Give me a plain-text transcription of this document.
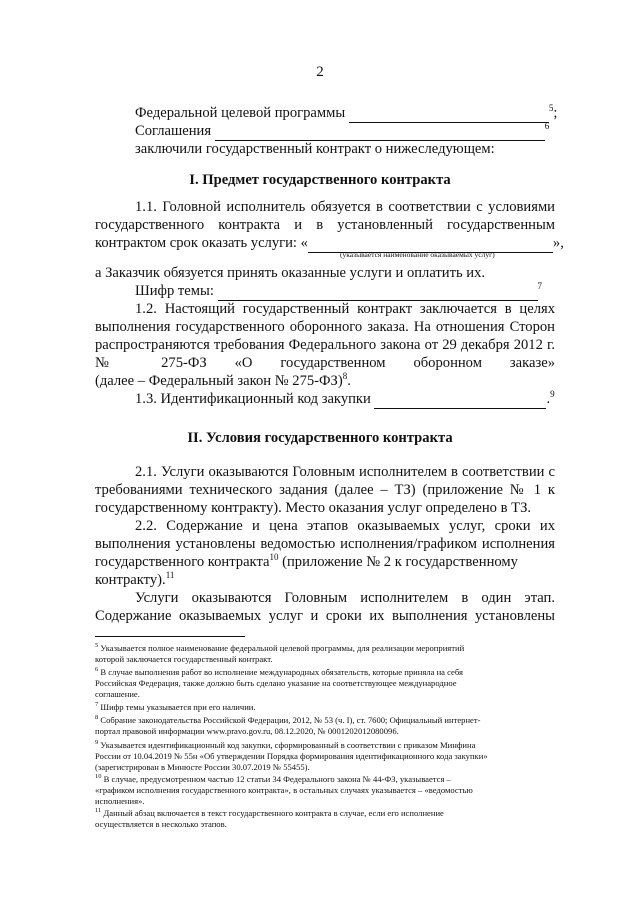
2
Федеральной целевой программы	$^5$;
Соглашения	$^6$
заключили государственный контракт о нижеследующем:
I. Предмет государственного контракта
1.1. Головной исполнитель обязуется в соответствии с условиями
государственного контракта и в установленный государственным
контрактом срок оказать услуги: «	»,
(указывается наименование оказываемых услуг)
а Заказчик обязуется принять оказанные услуги и оплатить их.
Шифр темы:	$^7$
1.2. Настоящий государственный контракт заключается в целях
выполнения государственного оборонного заказа. На отношения Сторон
распространяются требования Федерального закона от 29 декабря 2012 г.
№ 275-ФЗ «О государственном оборонном заказе»
(далее – Федеральный закон № 275-ФЗ)$^8$.
1.3. Идентификационный код закупки	.$^9$
II. Условия государственного контракта
2.1. Услуги оказываются Головным исполнителем в соответствии с
требованиями технического задания (далее – ТЗ) (приложение № 1 к
государственному контракту). Место оказания услуг определено в ТЗ.
2.2. Содержание и цена этапов оказываемых услуг, сроки их
выполнения установлены ведомостью исполнения/графиком исполнения
государственного контракта$^{10}$ (приложение № 2 к государственному
контракту).$^{11}$
Услуги оказываются Головным исполнителем в один этап.
Содержание оказываемых услуг и сроки их выполнения установлены
$^5$ Указывается полное наименование федеральной целевой программы, для реализации мероприятий
которой заключается государственный контракт.
$^6$ В случае выполнения работ во исполнение международных обязательств, которые приняла на себя
Российская Федерация, также должно быть сделано указание на соответствующее международное
соглашение.
$^7$ Шифр темы указывается при его наличии.
$^8$ Собрание законодательства Российской Федерации, 2012, № 53 (ч. I), ст. 7600; Официальный интернет-
портал правовой информации www.pravo.gov.ru, 08.12.2020, № 0001202012080096.
$^9$ Указывается идентификационный код закупки, сформированный в соответствии с приказом Минфина
России от 10.04.2019 № 55н «Об утверждении Порядка формирования идентификационного кода закупки»
(зарегистрирован в Минюсте России 30.07.2019 № 55455).
$^{10}$ В случае, предусмотренном частью 12 статьи 34 Федерального закона № 44-ФЗ, указывается –
«графиком исполнения государственного контракта», в остальных случаях указывается – «ведомостью
исполнения».
$^{11}$ Данный абзац включается в текст государственного контракта в случае, если его исполнение
осуществляется в несколько этапов.
